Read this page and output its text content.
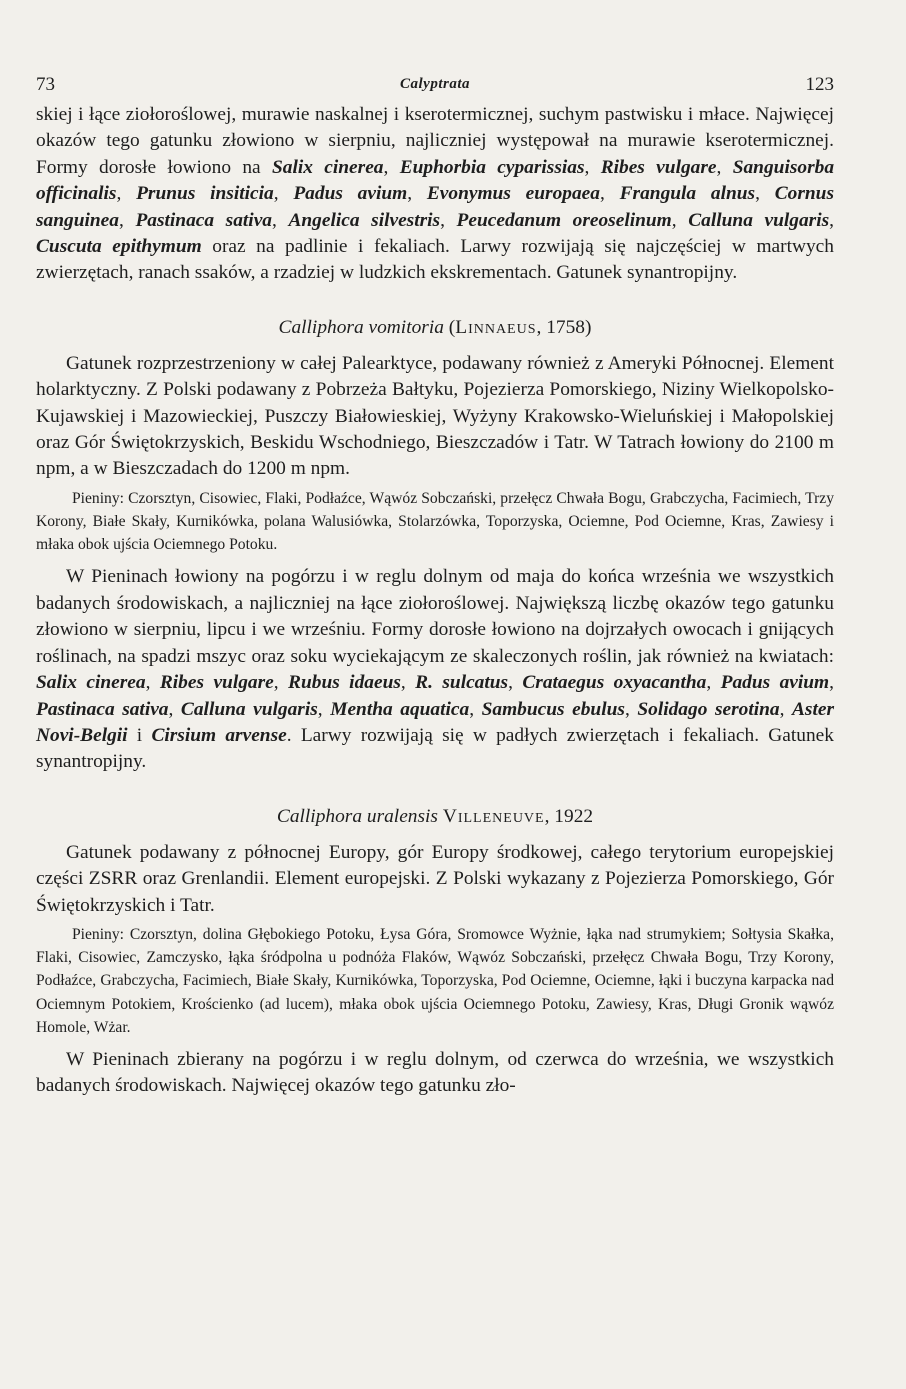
73	Calyptrata	123

skiej i łące ziołoroślowej, murawie naskalnej i kserotermicznej, suchym pastwisku i młace. Najwięcej okazów tego gatunku złowiono w sierpniu, najliczniej występował na murawie kserotermicznej. Formy dorosłe łowiono na Salix cinerea, Euphorbia cyparissias, Ribes vulgare, Sanguisorba officinalis, Prunus insiticia, Padus avium, Evonymus europaea, Frangula alnus, Cornus sanguinea, Pastinaca sativa, Angelica silvestris, Peucedanum oreoselinum, Calluna vulgaris, Cuscuta epithymum oraz na padlinie i fekaliach. Larwy rozwijają się najczęściej w martwych zwierzętach, ranach ssaków, a rzadziej w ludzkich ekskrementach. Gatunek synantropijny.

Calliphora vomitoria (Linnaeus, 1758)

Gatunek rozprzestrzeniony w całej Palearktyce, podawany również z Ameryki Północnej. Element holarktyczny. Z Polski podawany z Pobrzeża Bałtyku, Pojezierza Pomorskiego, Niziny Wielkopolsko-Kujawskiej i Mazowieckiej, Puszczy Białowieskiej, Wyżyny Krakowsko-Wieluńskiej i Małopolskiej oraz Gór Świętokrzyskich, Beskidu Wschodniego, Bieszczadów i Tatr. W Tatrach łowiony do 2100 m npm, a w Bieszczadach do 1200 m npm.

Pieniny: Czorsztyn, Cisowiec, Flaki, Podłaźce, Wąwóz Sobczański, przełęcz Chwała Bogu, Grabczycha, Facimiech, Trzy Korony, Białe Skały, Kurnikówka, polana Walusiówka, Stolarzówka, Toporzyska, Ociemne, Pod Ociemne, Kras, Zawiesy i młaka obok ujścia Ociemnego Potoku.

W Pieninach łowiony na pogórzu i w reglu dolnym od maja do końca września we wszystkich badanych środowiskach, a najliczniej na łące ziołoroślowej. Największą liczbę okazów tego gatunku złowiono w sierpniu, lipcu i we wrześniu. Formy dorosłe łowiono na dojrzałych owocach i gnijących roślinach, na spadzi mszyc oraz soku wyciekającym ze skaleczonych roślin, jak również na kwiatach: Salix cinerea, Ribes vulgare, Rubus idaeus, R. sulcatus, Crataegus oxyacantha, Padus avium, Pastinaca sativa, Calluna vulgaris, Mentha aquatica, Sambucus ebulus, Solidago serotina, Aster Novi-Belgii i Cirsium arvense. Larwy rozwijają się w padłych zwierzętach i fekaliach. Gatunek synantropijny.

Calliphora uralensis Villeneuve, 1922

Gatunek podawany z północnej Europy, gór Europy środkowej, całego terytorium europejskiej części ZSRR oraz Grenlandii. Element europejski. Z Polski wykazany z Pojezierza Pomorskiego, Gór Świętokrzyskich i Tatr.

Pieniny: Czorsztyn, dolina Głębokiego Potoku, Łysa Góra, Sromowce Wyżnie, łąka nad strumykiem; Sołtysia Skałka, Flaki, Cisowiec, Zamczysko, łąka śródpolna u podnóża Flaków, Wąwóz Sobczański, przełęcz Chwała Bogu, Trzy Korony, Podłaźce, Grabczycha, Facimiech, Białe Skały, Kurnikówka, Toporzyska, Pod Ociemne, Ociemne, łąki i buczyna karpacka nad Ociemnym Potokiem, Krościenko (ad lucem), młaka obok ujścia Ociemnego Potoku, Zawiesy, Kras, Długi Gronik wąwóz Homole, Wżar.

W Pieninach zbierany na pogórzu i w reglu dolnym, od czerwca do września, we wszystkich badanych środowiskach. Najwięcej okazów tego gatunku zło-
